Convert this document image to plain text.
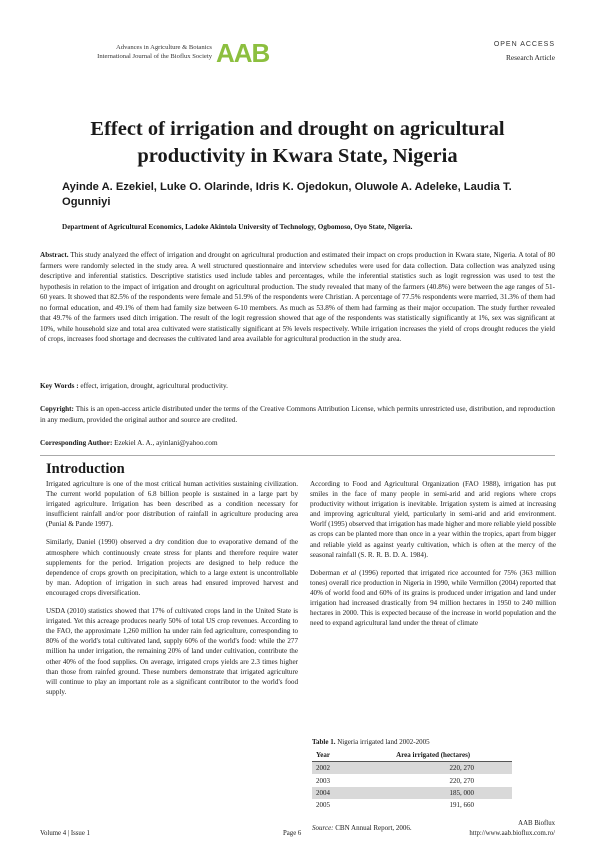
Advances in Agriculture & Botanics
International Journal of the Bioflux Society AAB	OPEN ACCESS
Research Article
Effect of irrigation and drought on agricultural productivity in Kwara State, Nigeria
Ayinde A. Ezekiel, Luke O. Olarinde, Idris K. Ojedokun, Oluwole A. Adeleke, Laudia T. Ogunniyi
Department of Agricultural Economics, Ladoke Akintola University of Technology, Ogbomoso, Oyo State, Nigeria.
Abstract. This study analyzed the effect of irrigation and drought on agricultural production and estimated their impact on crops production in Kwara state, Nigeria. A total of 80 farmers were randomly selected in the study area. A well structured questionnaire and interview schedules were used for data collection. Data collection was analyzed using descriptive and inferential statistics. Descriptive statistics used include tables and percentages, while the inferential statistics such as logit regression was used to test the hypothesis in relation to the impact of irrigation and drought on agricultural production. The study revealed that many of the farmers (40.8%) were between the age ranges of 51-60 years. It showed that 82.5% of the respondents were female and 51.9% of the respondents were Christian. A percentage of 77.5% respondents were married, 31.3% of them had no formal education, and 49.1% of them had family size between 6-10 members. As much as 53.8% of them had farming as their major occupation. The study further revealed that 49.7% of the farmers used ditch irrigation. The result of the logit regression showed that age of the respondents was statistically significantly at 1%, sex was significant at 10%, while household size and total area cultivated were statistically significant at 5% levels respectively. While irrigation increases the yield of crops drought reduces the yield of crops, increases food shortage and decreases the cultivated land area available for agricultural production in the study area.
Key Words : effect, irrigation, drought, agricultural productivity.
Copyright: This is an open-access article distributed under the terms of the Creative Commons Attribution License, which permits unrestricted use, distribution, and reproduction in any medium, provided the original author and source are credited.
Corresponding Author: Ezekiel A. A., ayinlani@yahoo.com
Introduction

Irrigated agriculture is one of the most critical human activities sustaining civilization. The current world population of 6.8 billion people is sustained in a large part by irrigated agriculture. Irrigation has been described as a condition necessary for insufficient rainfall and/or poor distribution of rainfall in agriculture producing area (Punial & Pande 1997).

Similarly, Daniel (1990) observed a dry condition due to evaporative demand of the atmosphere which continuously create stress for plants and therefore require water supplements for the period. Irrigation projects are designed to help reduce the dependence of crops growth on precipitation, which to a large extent is uncontrollable by man. Adoption of irrigation in such areas had ensured improved harvest and encouraged crops diversification.

USDA (2010) statistics showed that 17% of cultivated crops land in the United State is irrigated. Yet this acreage produces nearly 50% of total US crop revenues. According to the FAO, the approximate 1,260 million ha under rain fed agriculture, corresponding to 80% of the world's total cultivated land, supply 60% of the world's food: while the 277 million ha under irrigation, the remaining 20% of land under cultivation, contribute the other 40% of the food supplies. On average, irrigated crops yields are 2.3 times higher than those from rainfed ground. These numbers demonstrate that irrigated agriculture will continue to play an important role as a significant contributor to the world's food supply.

According to Food and Agricultural Organization (FAO 1988), irrigation has put smiles in the face of many people in semi-arid and arid regions where crops productivity without irrigation is inevitable. Irrigation system is aimed at increasing and improving agricultural yield, particularly in semi-arid and arid environment. Worlf (1995) observed that irrigation has made higher and more reliable yield possible as crops can be planted more than once in a year within the tropics, apart from bigger and reliable yield as against yearly cultivation, which is often at the mercy of the seasonal rainfall (S. R. R. B. D. A. 1984).

Doberman et al (1996) reported that irrigated rice accounted for 75% (363 million tones) overall rice production in Nigeria in 1990, while Vermillon (2004) reported that 40% of world food and 60% of its grains is produced under irrigation and land under irrigation had increased drastically from 94 million hectares in 1950 to 240 million hectares in 2000. This is expected because of the increase in world population and the need to expand agricultural land under the threat of climate

Table 1. Nigeria irrigated land 2002-2005
Year	Area irrigated (hectares)
2002	220, 270
2003	220, 270
2004	185, 000
2005	191, 660
Source: CBN Annual Report, 2006.
Volume 4 | Issue 1	Page 6
AAB Bioflux
http://www.aab.bioflux.com.ro/
